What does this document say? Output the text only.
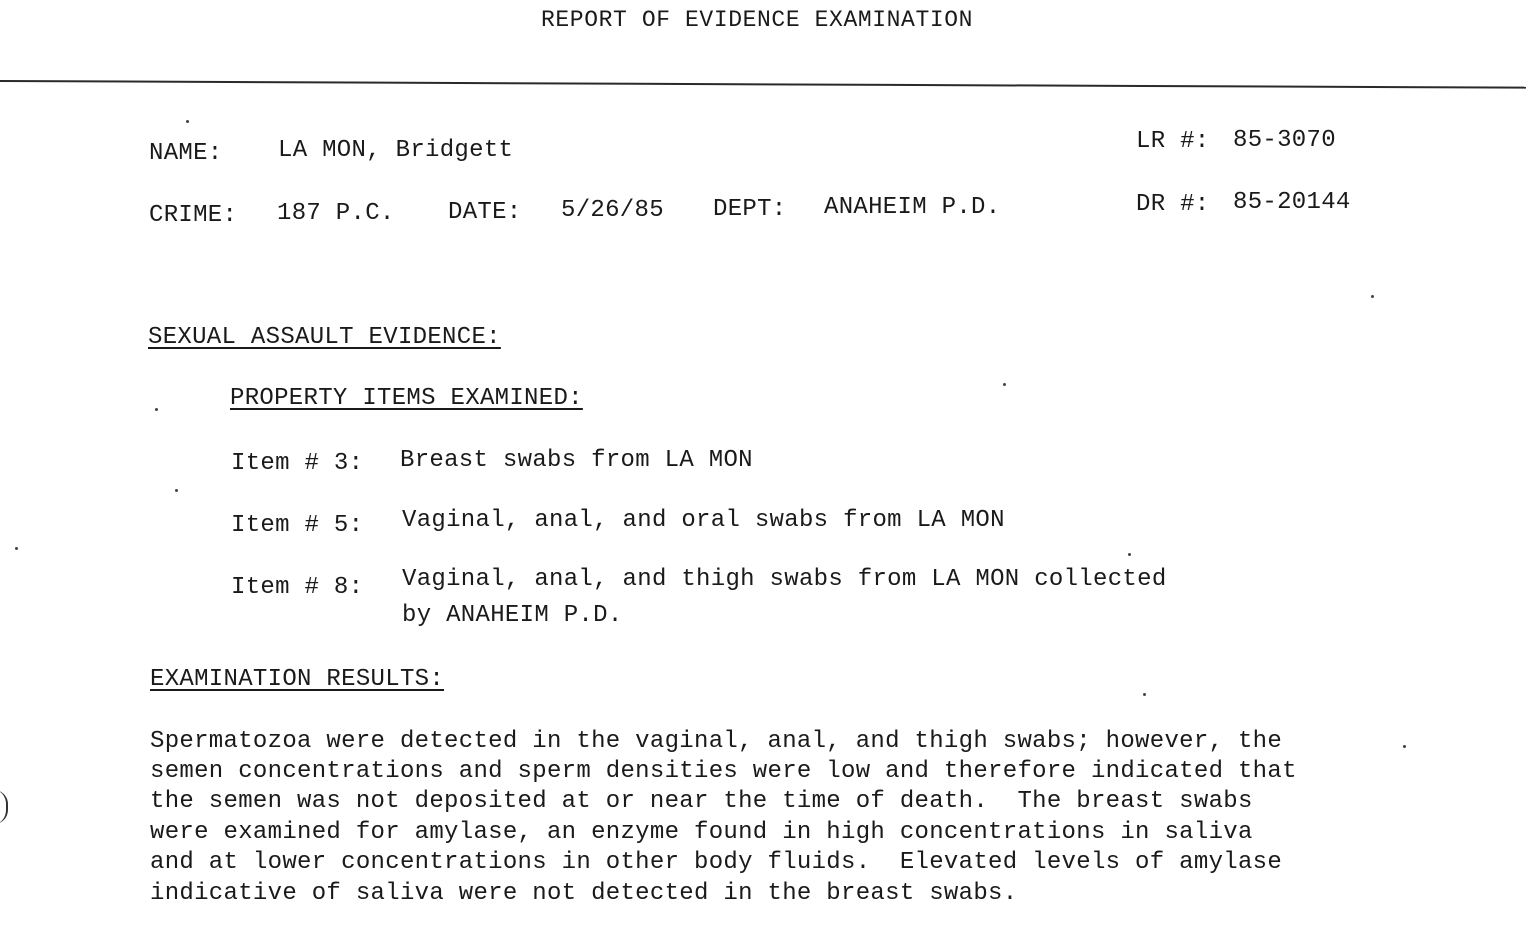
REPORT OF EVIDENCE EXAMINATION
NAME: LA MON, Bridgett	LR #: 85-3070
CRIME: 187 P.C. DATE: 5/26/85 DEPT: ANAHEIM P.D.	DR #: 85-20144
SEXUAL ASSAULT EVIDENCE:
PROPERTY ITEMS EXAMINED:
Item # 3: Breast swabs from LA MON
Item # 5: Vaginal, anal, and oral swabs from LA MON
Item # 8: Vaginal, anal, and thigh swabs from LA MON collected
by ANAHEIM P.D.
EXAMINATION RESULTS:
Spermatozoa were detected in the vaginal, anal, and thigh swabs; however, the
semen concentrations and sperm densities were low and therefore indicated that
the semen was not deposited at or near the time of death.  The breast swabs
were examined for amylase, an enzyme found in high concentrations in saliva
and at lower concentrations in other body fluids.  Elevated levels of amylase
indicative of saliva were not detected in the breast swabs.
